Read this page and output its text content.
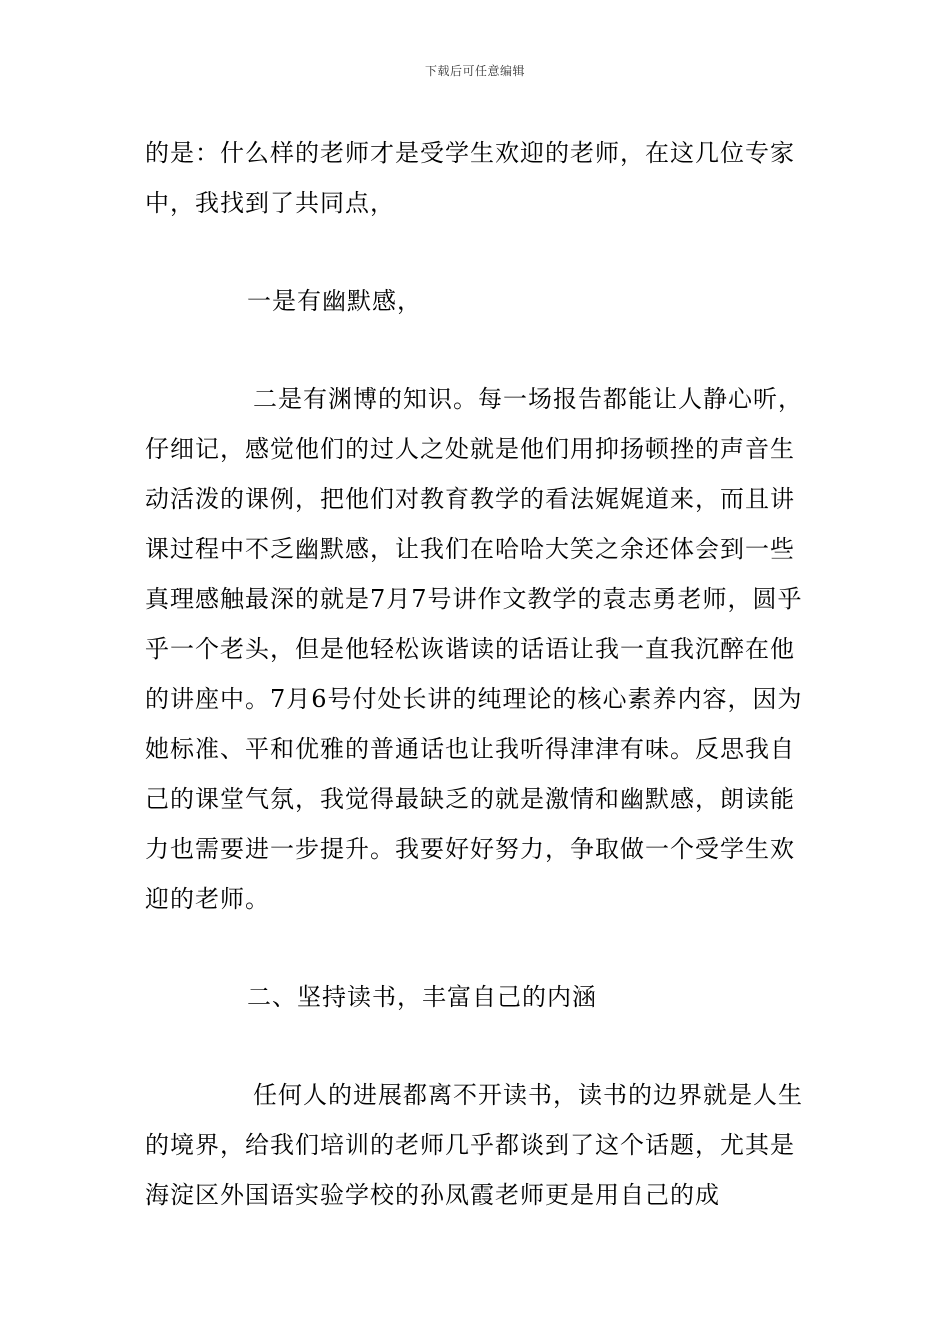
下载后可任意编辑

的是：什么样的老师才是受学生欢迎的老师，在这几位专家中，我找到了共同点，

一是有幽默感，

二是有渊博的知识。每一场报告都能让人静心听，仔细记，感觉他们的过人之处就是他们用抑扬顿挫的声音生动活泼的课例，把他们对教育教学的看法娓娓道来，而且讲课过程中不乏幽默感，让我们在哈哈大笑之余还体会到一些真理感触最深的就是7月7号讲作文教学的袁志勇老师，圆乎乎一个老头，但是他轻松诙谐读的话语让我一直我沉醉在他的讲座中。7月6号付处长讲的纯理论的核心素养内容，因为她标准、平和优雅的普通话也让我听得津津有味。反思我自己的课堂气氛，我觉得最缺乏的就是激情和幽默感，朗读能力也需要进一步提升。我要好好努力，争取做一个受学生欢迎的老师。

二、坚持读书，丰富自己的内涵

任何人的进展都离不开读书，读书的边界就是人生的境界，给我们培训的老师几乎都谈到了这个话题，尤其是海淀区外国语实验学校的孙凤霞老师更是用自己的成
